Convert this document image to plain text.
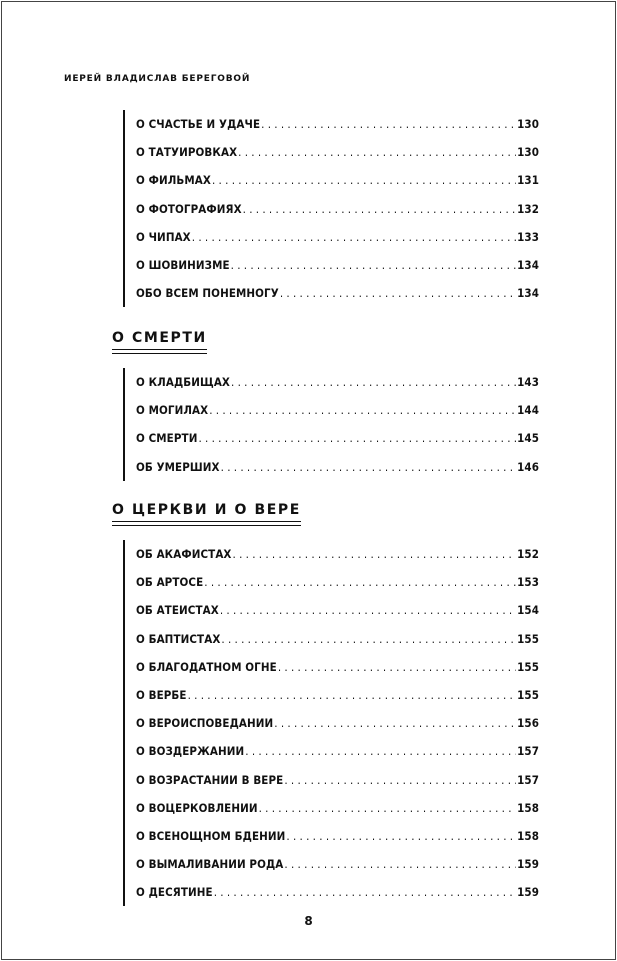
ИЕРЕЙ ВЛАДИСЛАВ БЕРЕГОВОЙ
О СЧАСТЬЕ И УДАЧЕ . . .	130
О ТАТУИРОВКАХ . . .	130
О ФИЛЬМАХ . . .	131
О ФОТОГРАФИЯХ . . .	132
О ЧИПАХ . . .	133
О ШОВИНИЗМЕ . . .	134
ОБО ВСЕМ ПОНЕМНОГУ . . .	134
О СМЕРТИ
О КЛАДБИЩАХ . . .	143
О МОГИЛАХ . . .	144
О СМЕРТИ . . .	145
ОБ УМЕРШИХ . . .	146
О ЦЕРКВИ И О ВЕРЕ
ОБ АКАФИСТАХ . . .	152
ОБ АРТОСЕ . . .	153
ОБ АТЕИСТАХ . . .	154
О БАПТИСТАХ . . .	155
О БЛАГОДАТНОМ ОГНЕ . . .	155
О ВЕРБЕ . . .	155
О ВЕРОИСПОВЕДАНИИ . . .	156
О ВОЗДЕРЖАНИИ . . .	157
О ВОЗРАСТАНИИ В ВЕРЕ . . .	157
О ВОЦЕРКОВЛЕНИИ . . .	158
О ВСЕНОЩНОМ БДЕНИИ . . .	158
О ВЫМАЛИВАНИИ РОДА . . .	159
О ДЕСЯТИНЕ . . .	159
8
